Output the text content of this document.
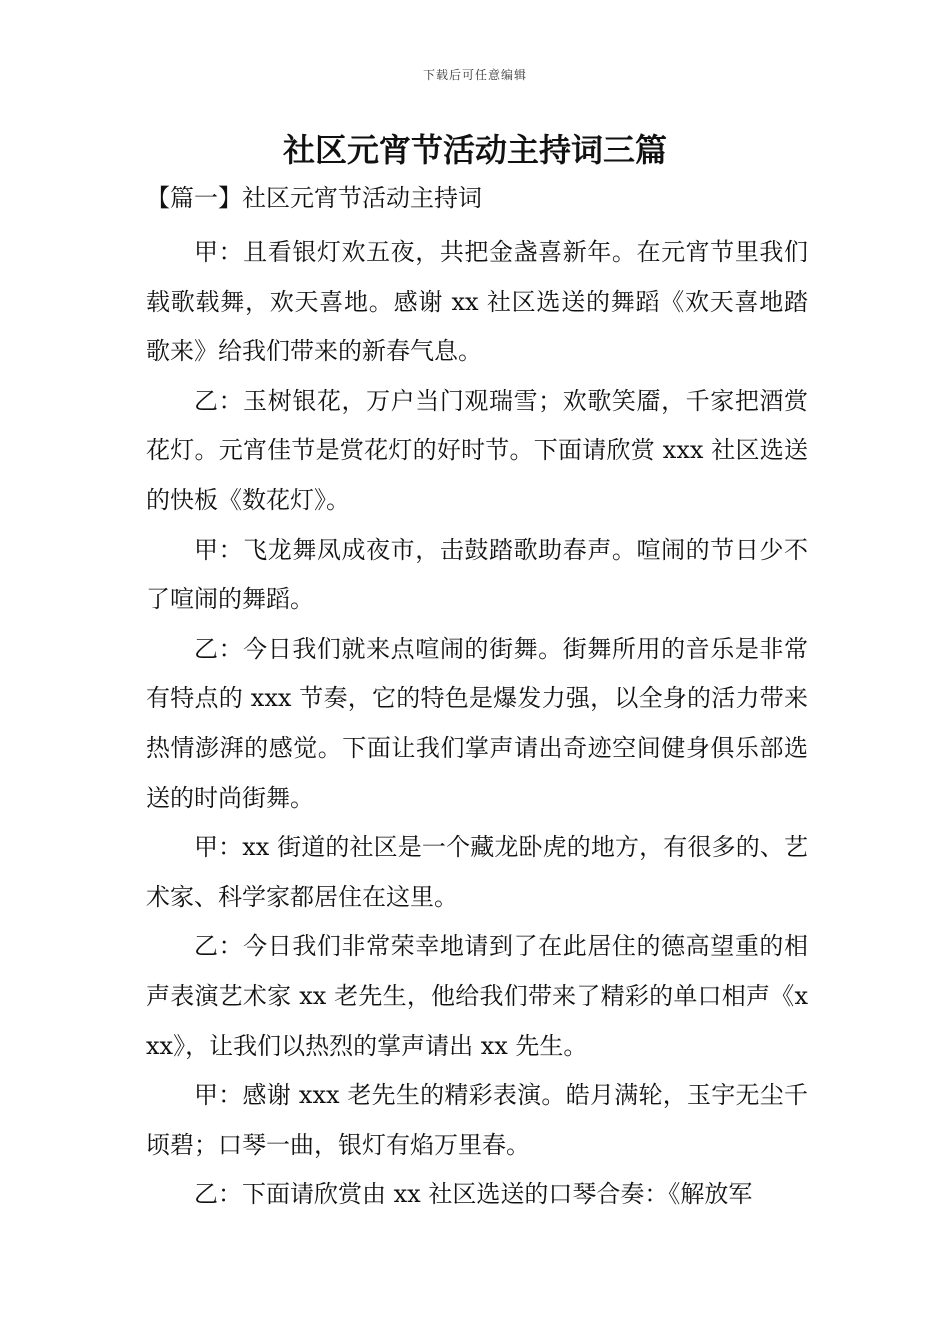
下载后可任意编辑
社区元宵节活动主持词三篇

【篇一】社区元宵节活动主持词

甲：且看银灯欢五夜，共把金盏喜新年。在元宵节里我们载歌载舞，欢天喜地。感谢 xx 社区选送的舞蹈《欢天喜地踏歌来》给我们带来的新春气息。

乙：玉树银花，万户当门观瑞雪；欢歌笑靥，千家把酒赏花灯。元宵佳节是赏花灯的好时节。下面请欣赏 xxx 社区选送的快板《数花灯》。

甲：飞龙舞凤成夜市，击鼓踏歌助春声。喧闹的节日少不了喧闹的舞蹈。

乙：今日我们就来点喧闹的街舞。街舞所用的音乐是非常有特点的 xxx 节奏，它的特色是爆发力强，以全身的活力带来热情澎湃的感觉。下面让我们掌声请出奇迹空间健身俱乐部选送的时尚街舞。

甲：xx 街道的社区是一个藏龙卧虎的地方，有很多的、艺术家、科学家都居住在这里。

乙：今日我们非常荣幸地请到了在此居住的德高望重的相声表演艺术家 xx 老先生，他给我们带来了精彩的单口相声《xxx》，让我们以热烈的掌声请出 xx 先生。

甲：感谢 xxx 老先生的精彩表演。皓月满轮，玉宇无尘千顷碧；口琴一曲，银灯有焰万里春。

乙：下面请欣赏由 xx 社区选送的口琴合奏：《解放军
